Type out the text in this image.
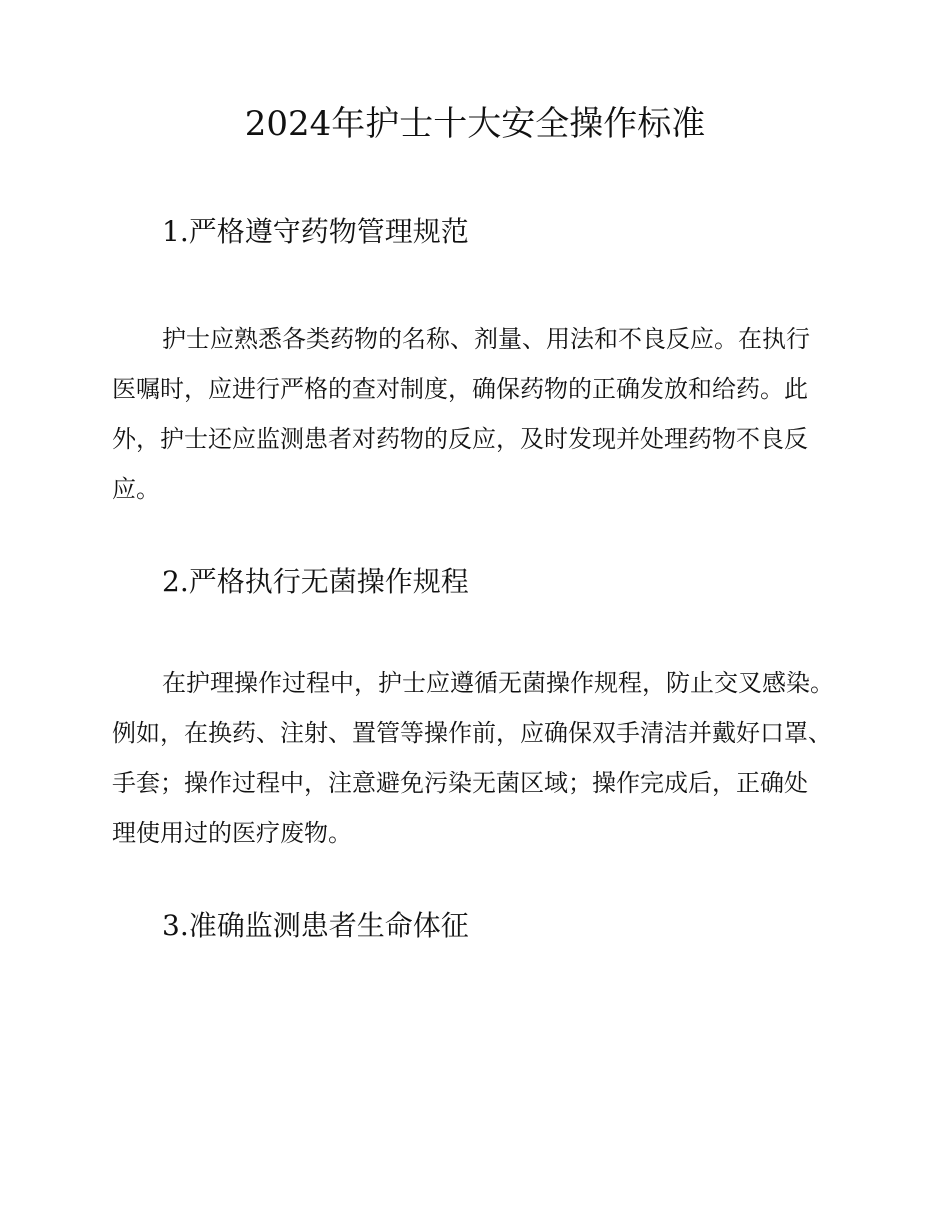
2024年护士十大安全操作标准
1.严格遵守药物管理规范
护士应熟悉各类药物的名称、剂量、用法和不良反应。在执行
医嘱时，应进行严格的查对制度，确保药物的正确发放和给药。此
外，护士还应监测患者对药物的反应，及时发现并处理药物不良反
应。
2.严格执行无菌操作规程
在护理操作过程中，护士应遵循无菌操作规程，防止交叉感染。
例如，在换药、注射、置管等操作前，应确保双手清洁并戴好口罩、
手套；操作过程中，注意避免污染无菌区域；操作完成后，正确处
理使用过的医疗废物。
3.准确监测患者生命体征
